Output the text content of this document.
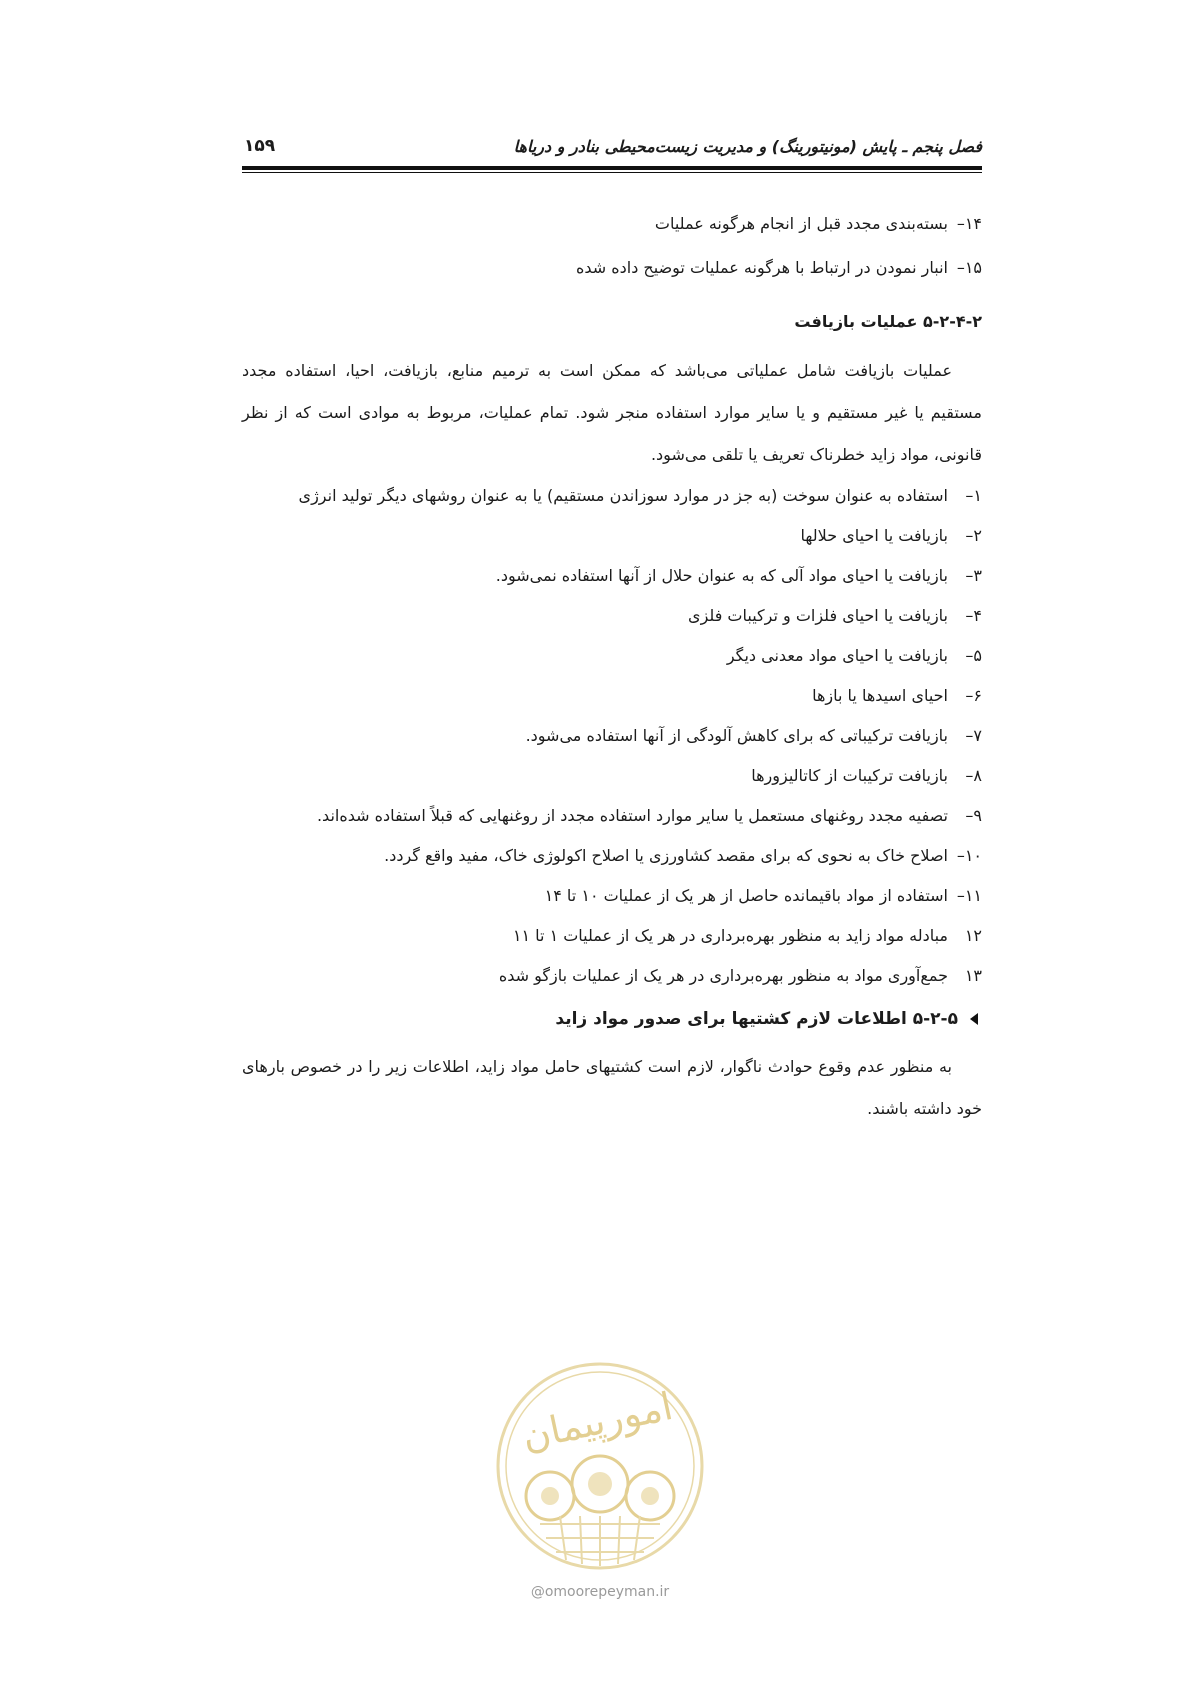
فصل پنجم ـ پایش (مونیتورینگ) و مدیریت زیست‌محیطی بنادر و دریاها
۱۵۹
۱۴–
بسته‌بندی مجدد قبل از انجام هرگونه عملیات
۱۵–
انبار نمودن در ارتباط با هرگونه عملیات توضیح داده شده
۵-۲-۴-۲ عملیات بازیافت

عملیات بازیافت شامل عملیاتی می‌باشد که ممکن است به ترمیم منابع، بازیافت، احیا، استفاده مجدد مستقیم یا غیر مستقیم و یا سایر موارد استفاده منجر شود. تمام عملیات، مربوط به موادی است که از نظر قانونی، مواد زاید خطرناک تعریف یا تلقی می‌شود.

۱–
استفاده به عنوان سوخت (به جز در موارد سوزاندن مستقیم) یا به عنوان روشهای دیگر تولید انرژی
۲–
بازیافت یا احیای حلالها
۳–
بازیافت یا احیای مواد آلی که به عنوان حلال از آنها استفاده نمی‌شود.
۴–
بازیافت یا احیای فلزات و ترکیبات فلزی
۵–
بازیافت یا احیای مواد معدنی دیگر
۶–
احیای اسیدها یا بازها
۷–
بازیافت ترکیباتی که برای کاهش آلودگی از آنها استفاده می‌شود.
۸–
بازیافت ترکیبات از کاتالیزورها
۹–
تصفیه مجدد روغنهای مستعمل یا سایر موارد استفاده مجدد از روغنهایی که قبلاً استفاده شده‌اند.
۱۰–
اصلاح خاک به نحوی که برای مقصد کشاورزی یا اصلاح اکولوژی خاک، مفید واقع گردد.
۱۱–
استفاده از مواد باقیمانده حاصل از هر یک از عملیات ۱۰ تا ۱۴
۱۲
مبادله مواد زاید به منظور بهره‌برداری در هر یک از عملیات ۱ تا ۱۱
۱۳
جمع‌آوری مواد به منظور بهره‌برداری در هر یک از عملیات بازگو شده
۵-۲-۵ اطلاعات لازم کشتیها برای صدور مواد زاید

به منظور عدم وقوع حوادث ناگوار، لازم است کشتیهای حامل مواد زاید، اطلاعات زیر را در خصوص بارهای خود داشته باشند.

امورپیمان
@omoorepeyman.ir
